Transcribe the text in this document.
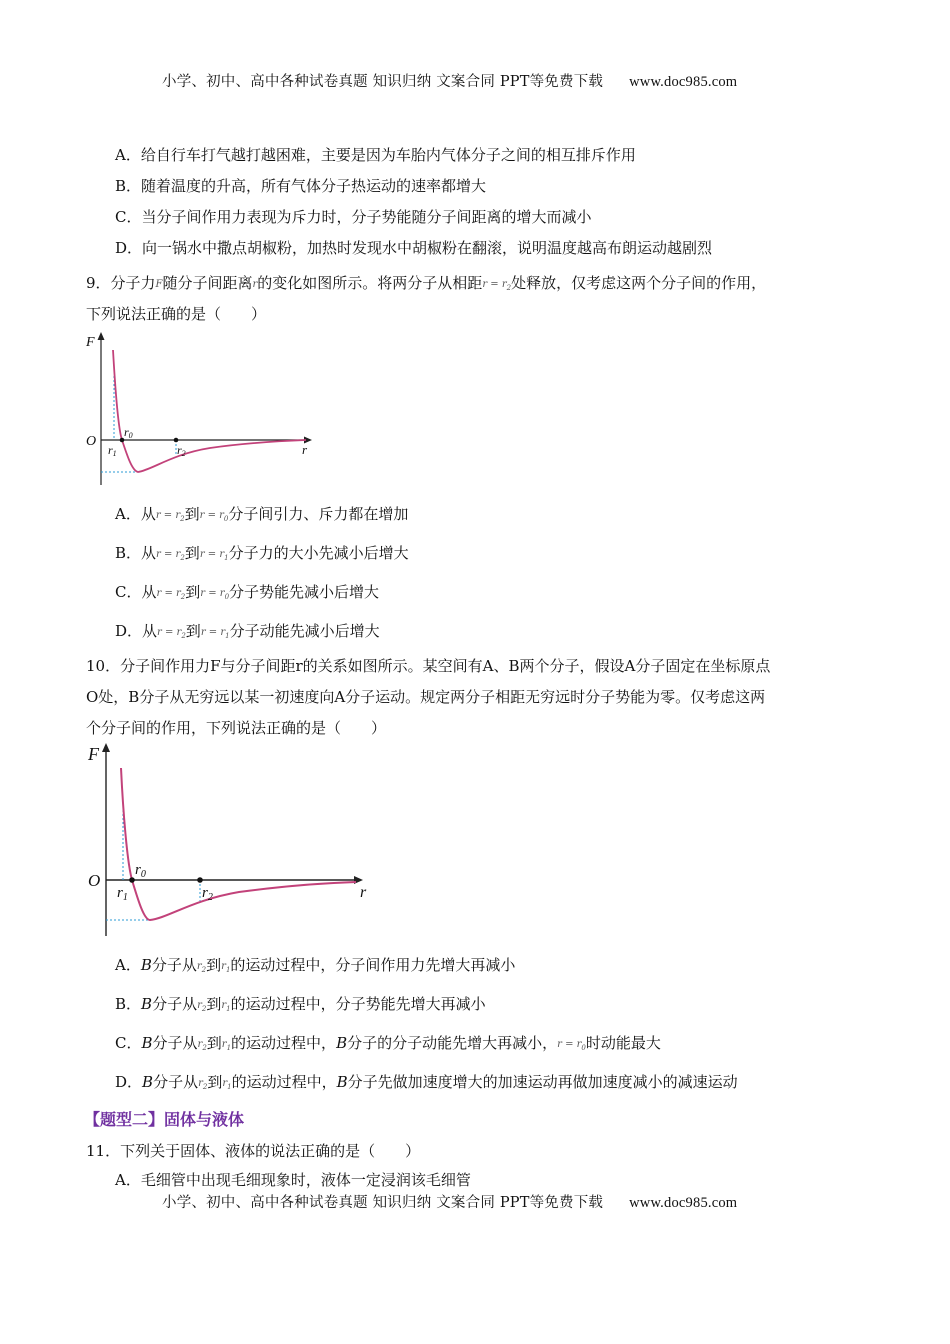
小学、初中、高中各种试卷真题 知识归纳 文案合同 PPT等免费下载 www.doc985.com
A．给自行车打气越打越困难，主要是因为车胎内气体分子之间的相互排斥作用
B．随着温度的升高，所有气体分子热运动的速率都增大
C．当分子间作用力表现为斥力时，分子势能随分子间距离的增大而减小
D．向一锅水中撒点胡椒粉，加热时发现水中胡椒粉在翻滚，说明温度越高布朗运动越剧烈
9．分子力F随分子间距离r的变化如图所示。将两分子从相距$r = r_2$处释放，仅考虑这两个分子间的作用，
下列说法正确的是（　　）
F
O
r
r0
r1	r2
A．从$r = r_2$到$r = r_0$分子间引力、斥力都在增加
B．从$r = r_2$到$r = r_1$分子力的大小先减小后增大
C．从$r = r_2$到$r = r_0$分子势能先减小后增大
D．从$r = r_2$到$r = r_1$分子动能先减小后增大
10．分子间作用力F与分子间距r的关系如图所示。某空间有A、B两个分子，假设A分子固定在坐标原点
O处，B分子从无穷远以某一初速度向A分子运动。规定两分子相距无穷远时分子势能为零。仅考虑这两
个分子间的作用，下列说法正确的是（　　）
F
O
r
$r_0$
$r_1$	$r_2$
A．B分子从$r_2$到$r_1$的运动过程中，分子间作用力先增大再减小
B．B分子从$r_2$到$r_1$的运动过程中，分子势能先增大再减小
C．B分子从$r_2$到$r_1$的运动过程中，B分子的分子动能先增大再减小，$r = r_0$时动能最大
D．B分子从$r_2$到$r_1$的运动过程中，B分子先做加速度增大的加速运动再做加速度减小的减速运动
【题型二】固体与液体
11．下列关于固体、液体的说法正确的是（　　）
A．毛细管中出现毛细现象时，液体一定浸润该毛细管
小学、初中、高中各种试卷真题 知识归纳 文案合同 PPT等免费下载 www.doc985.com
